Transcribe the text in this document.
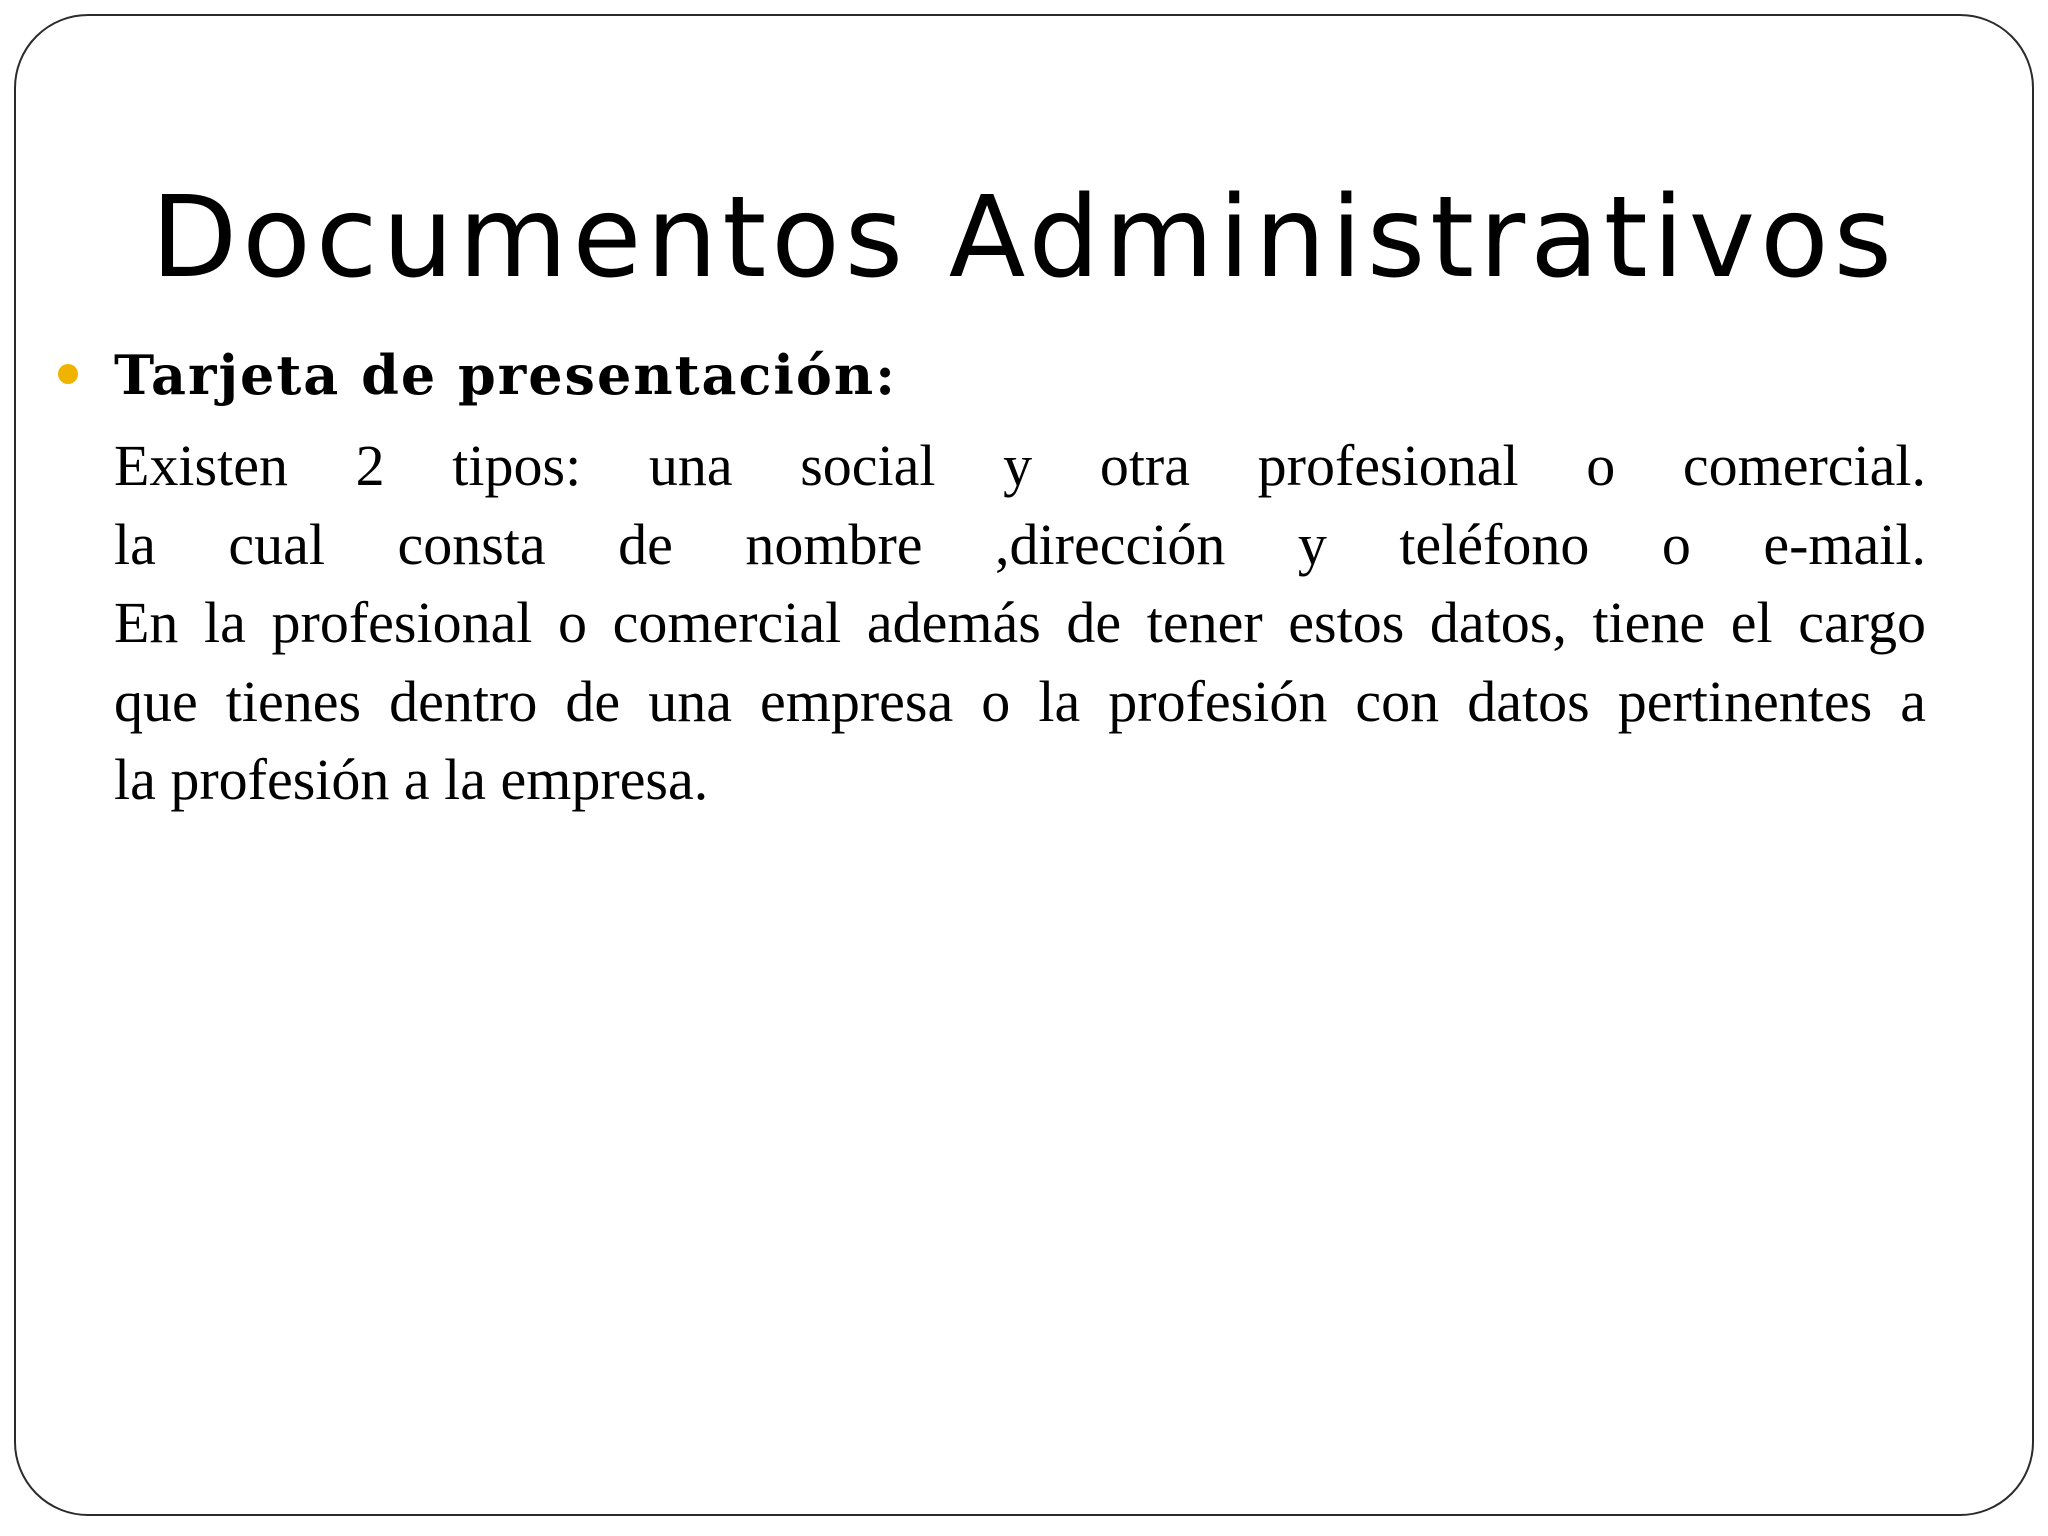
Documentos Administrativos
Tarjeta de presentación:
Existen 2 tipos: una social y otra profesional o comercial.
la cual consta de nombre ,dirección y teléfono o e-mail.
En la profesional o comercial además de tener estos datos, tiene el cargo
que tienes dentro de una empresa o la profesión con datos pertinentes a
la profesión a la empresa.
